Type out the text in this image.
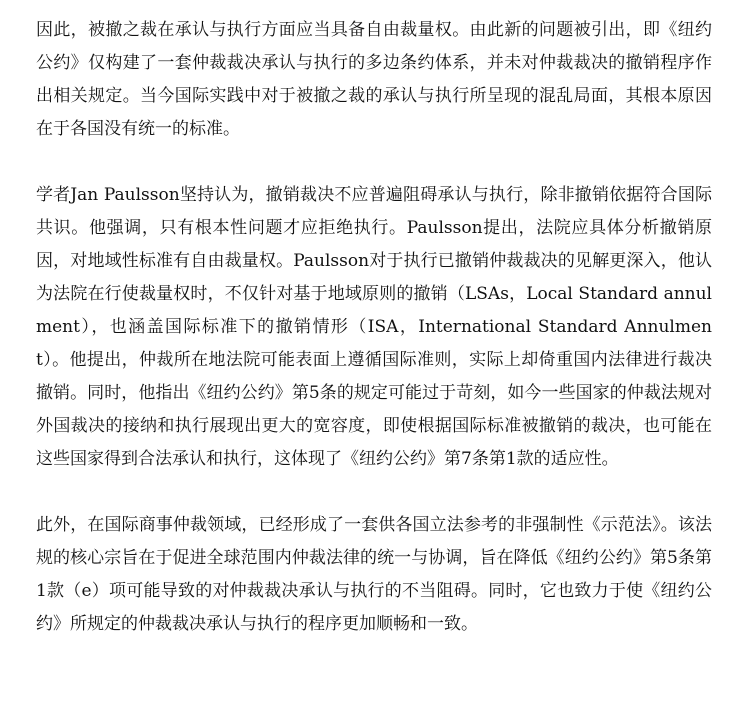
因此，被撤之裁在承认与执行方面应当具备自由裁量权。由此新的问题被引出，即《纽约公约》仅构建了一套仲裁裁决承认与执行的多边条约体系，并未对仲裁裁决的撤销程序作出相关规定。当今国际实践中对于被撤之裁的承认与执行所呈现的混乱局面，其根本原因在于各国没有统一的标准。

学者Jan Paulsson坚持认为，撤销裁决不应普遍阻碍承认与执行，除非撤销依据符合国际共识。他强调，只有根本性问题才应拒绝执行。Paulsson提出，法院应具体分析撤销原因，对地域性标准有自由裁量权。Paulsson对于执行已撤销仲裁裁决的见解更深入，他认为法院在行使裁量权时，不仅针对基于地域原则的撤销（LSAs，Local Standard annulment），也涵盖国际标准下的撤销情形（ISA，International Standard Annulment）。他提出，仲裁所在地法院可能表面上遵循国际准则，实际上却倚重国内法律进行裁决撤销。同时，他指出《纽约公约》第5条的规定可能过于苛刻，如今一些国家的仲裁法规对外国裁决的接纳和执行展现出更大的宽容度，即使根据国际标准被撤销的裁决，也可能在这些国家得到合法承认和执行，这体现了《纽约公约》第7条第1款的适应性。

此外，在国际商事仲裁领域，已经形成了一套供各国立法参考的非强制性《示范法》。该法规的核心宗旨在于促进全球范围内仲裁法律的统一与协调，旨在降低《纽约公约》第5条第1款（e）项可能导致的对仲裁裁决承认与执行的不当阻碍。同时，它也致力于使《纽约公约》所规定的仲裁裁决承认与执行的程序更加顺畅和一致。
